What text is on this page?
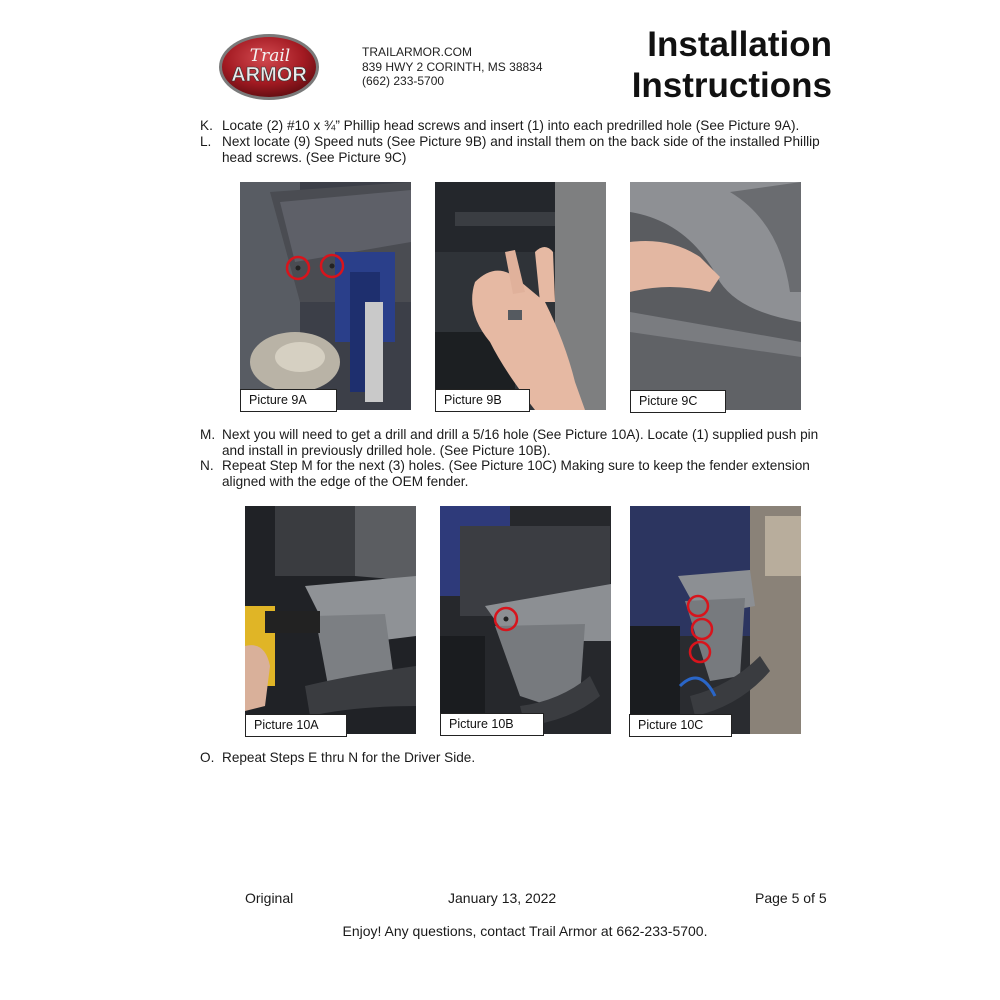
Trail
ARMOR
TRAILARMOR.COM
839 HWY 2 CORINTH, MS 38834
(662) 233-5700
Installation
Instructions
K. Locate (2) #10 x ¾” Phillip head screws and insert (1) into each predrilled hole (See Picture 9A).
L. Next locate (9) Speed nuts (See Picture 9B) and install them on the back side of the installed Phillip head screws. (See Picture 9C)
Picture 9A	Picture 9B	Picture 9C
M. Next you will need to get a drill and drill a 5/16 hole (See Picture 10A). Locate (1) supplied push pin and install in previously drilled hole. (See Picture 10B).
N. Repeat Step M for the next (3) holes. (See Picture 10C) Making sure to keep the fender extension aligned with the edge of the OEM fender.
Picture 10A	Picture 10B	Picture 10C
O. Repeat Steps E thru N for the Driver Side.
Original	January 13, 2022	Page 5 of 5
Enjoy! Any questions, contact Trail Armor at 662-233-5700.
